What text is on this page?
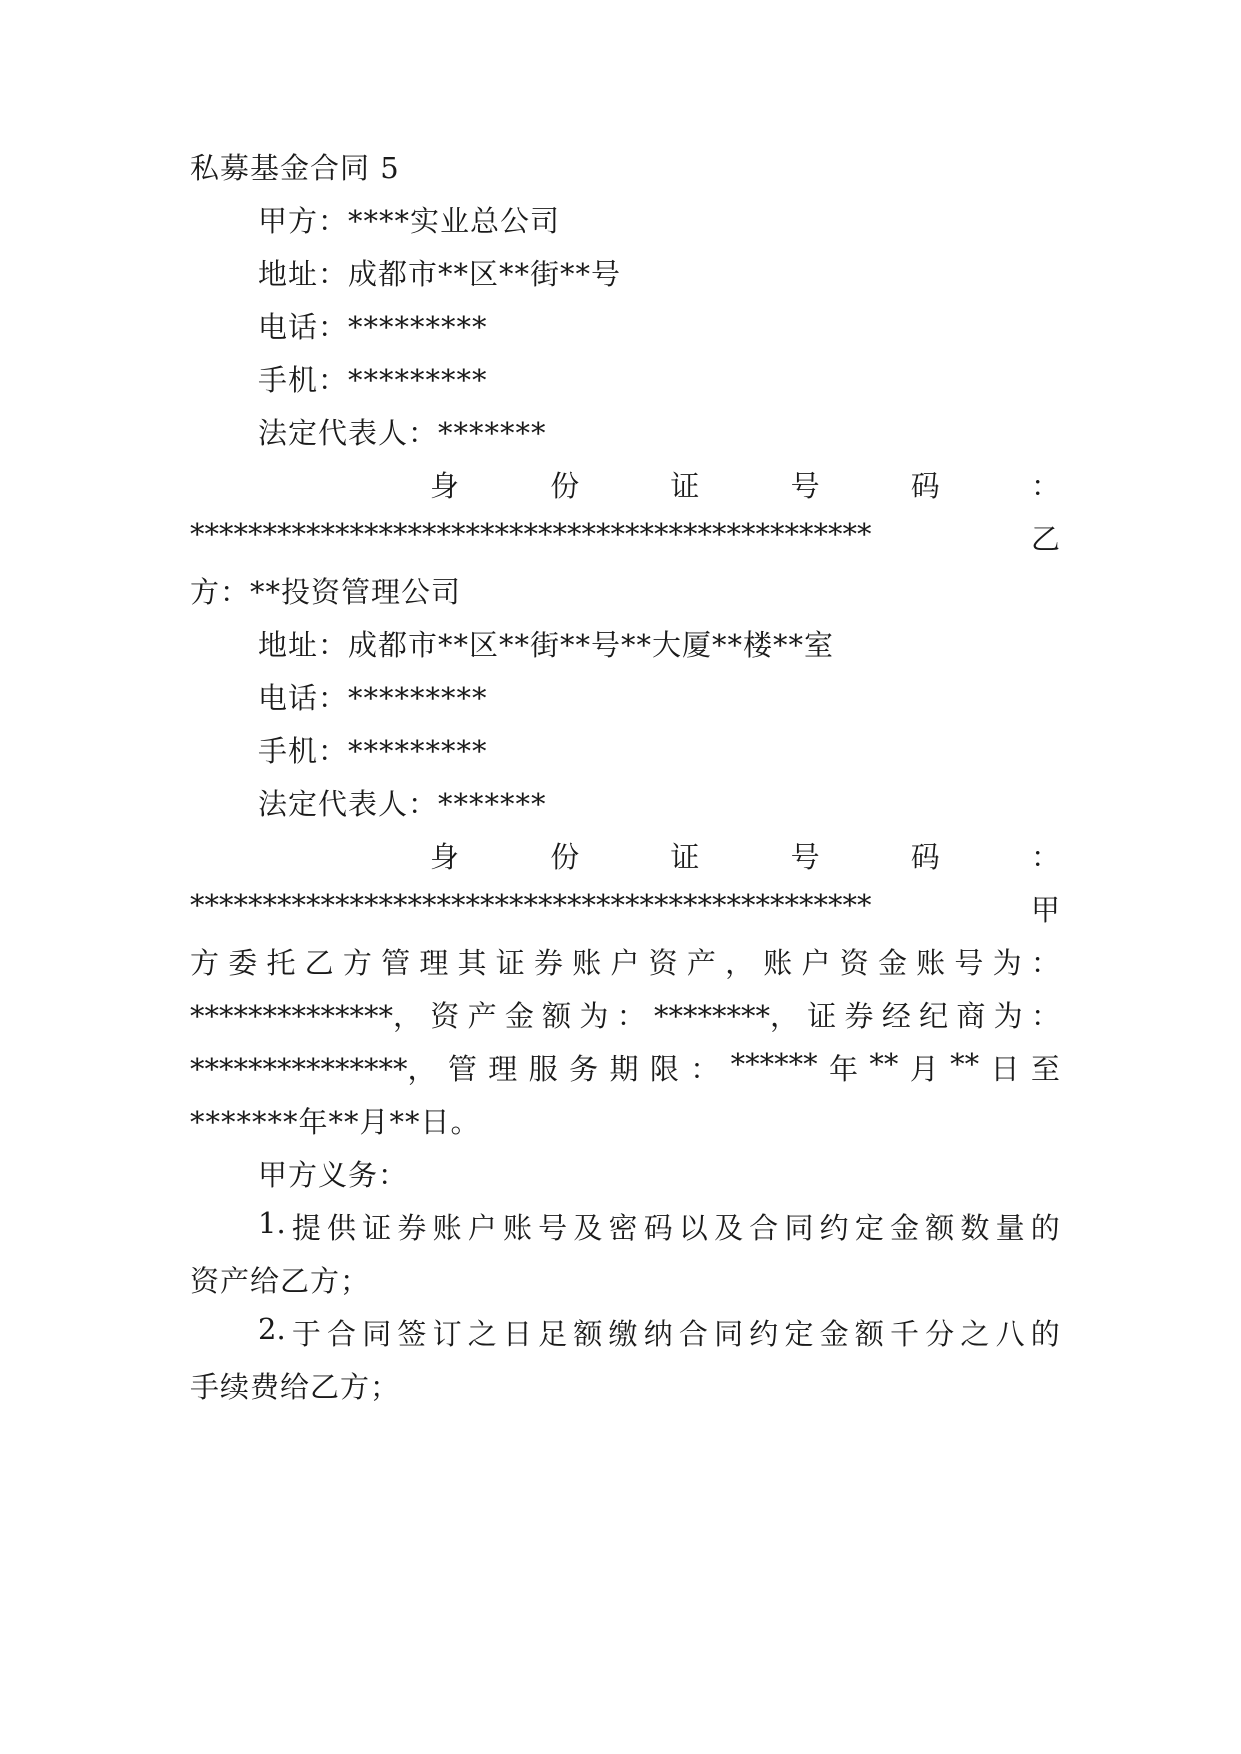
私募基金合同 5
甲方：****实业总公司
地址：成都市**区**街**号
电话：*********
手机：*********
法定代表人：*******
身	份	证	号	码	：
***********************************************	乙
方：**投资管理公司
地址：成都市**区**街**号**大厦**楼**室
电话：*********
手机：*********
法定代表人：*******
身	份	证	号	码	：
***********************************************	甲
方 委 托 乙 方 管 理 其 证 券 账 户 资 产 ， 账 户 资 金 账 号 为 ：
**************， 资 产 金 额 为 ： ********， 证 券 经 纪 商 为 ：
***************， 管 理 服 务 期 限 ： ****** 年 ** 月 ** 日 至
*******年**月**日。
甲方义务：
1. 提 供 证 券 账 户 账 号 及 密 码 以 及 合 同 约 定 金 额 数 量 的
资产给乙方；
2. 于 合 同 签 订 之 日 足 额 缴 纳 合 同 约 定 金 额 千 分 之 八 的
手续费给乙方；
